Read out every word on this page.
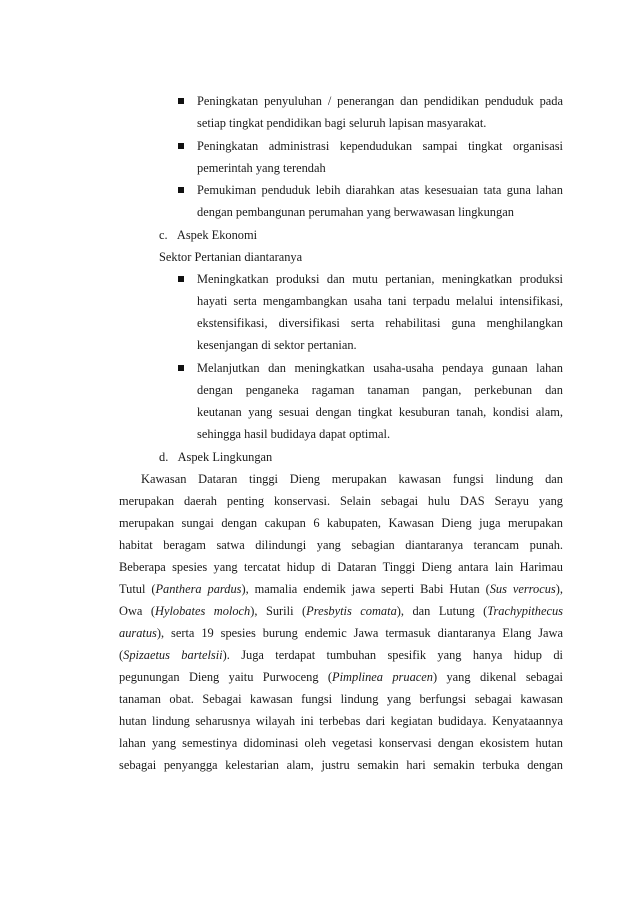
Peningkatan penyuluhan / penerangan dan pendidikan penduduk pada
setiap tingkat pendidikan bagi seluruh lapisan masyarakat.
Peningkatan administrasi kependudukan sampai tingkat organisasi
pemerintah yang terendah
Pemukiman penduduk lebih diarahkan atas kesesuaian tata guna lahan
dengan pembangunan perumahan yang berwawasan lingkungan
c.   Aspek Ekonomi
Sektor Pertanian diantaranya
Meningkatkan produksi dan mutu pertanian, meningkatkan produksi
hayati serta mengambangkan usaha tani terpadu melalui intensifikasi,
ekstensifikasi, diversifikasi serta rehabilitasi guna menghilangkan
kesenjangan di sektor pertanian.
Melanjutkan dan meningkatkan usaha-usaha pendaya gunaan lahan
dengan penganeka ragaman tanaman pangan, perkebunan dan
keutanan yang sesuai dengan tingkat kesuburan tanah, kondisi alam,
sehingga hasil budidaya dapat optimal.
d.   Aspek Lingkungan
Kawasan Dataran tinggi Dieng merupakan kawasan fungsi lindung dan
merupakan daerah penting konservasi. Selain sebagai hulu DAS Serayu yang
merupakan sungai dengan cakupan 6 kabupaten, Kawasan Dieng juga merupakan
habitat beragam satwa dilindungi yang sebagian diantaranya terancam punah.
Beberapa spesies yang tercatat hidup di Dataran Tinggi Dieng antara lain Harimau
Tutul (Panthera pardus), mamalia endemik jawa seperti Babi Hutan (Sus verrocus),
Owa (Hylobates moloch), Surili (Presbytis comata), dan Lutung (Trachypithecus
auratus), serta 19 spesies burung endemic Jawa termasuk diantaranya Elang Jawa
(Spizaetus bartelsii). Juga terdapat tumbuhan spesifik yang hanya hidup di
pegunungan Dieng yaitu Purwoceng (Pimplinea pruacen) yang dikenal sebagai
tanaman obat. Sebagai kawasan fungsi lindung yang berfungsi sebagai kawasan
hutan lindung seharusnya wilayah ini terbebas dari kegiatan budidaya. Kenyataannya
lahan yang semestinya didominasi oleh vegetasi konservasi dengan ekosistem hutan
sebagai penyangga kelestarian alam, justru semakin hari semakin terbuka dengan
